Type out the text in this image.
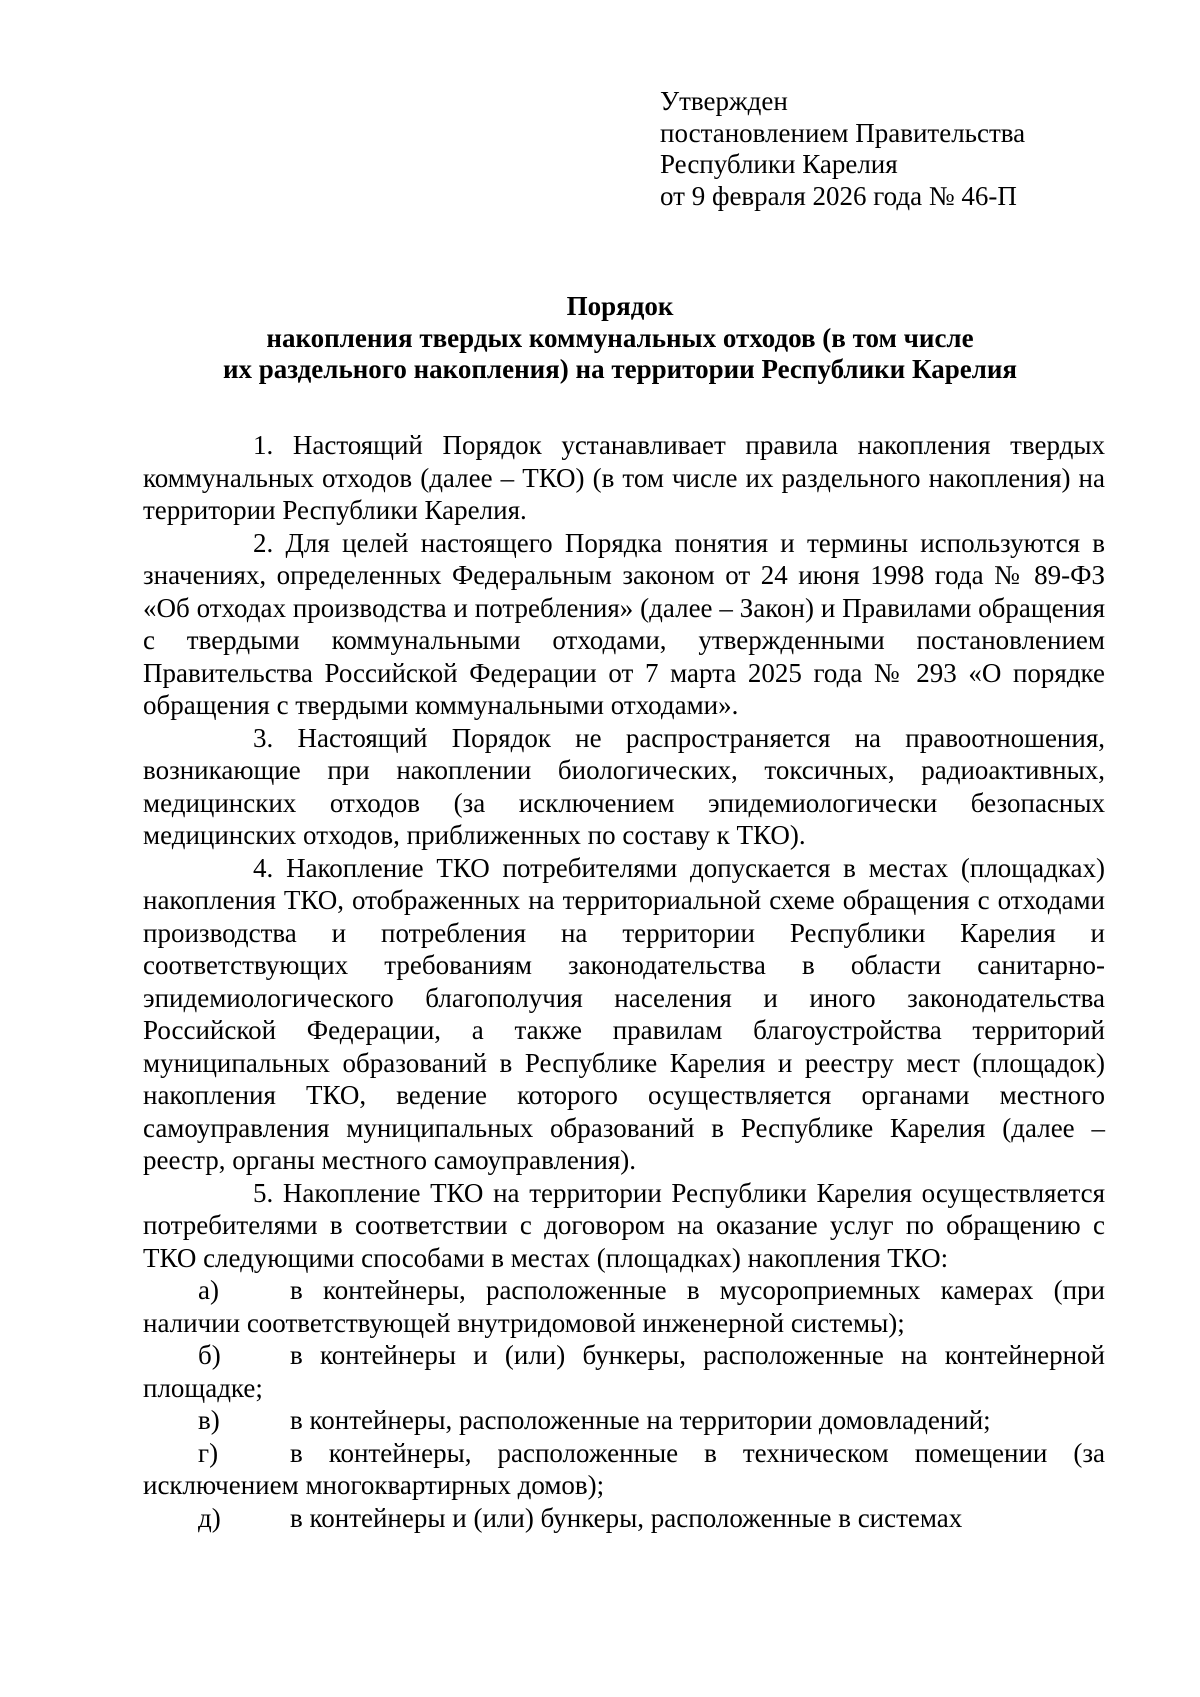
Утвержден
постановлением Правительства
Республики Карелия
от 9 февраля 2026 года № 46-П
Порядок
накопления твердых коммунальных отходов (в том числе
их раздельного накопления) на территории Республики Карелия

1. Настоящий Порядок устанавливает правила накопления твердых коммунальных отходов (далее – ТКО) (в том числе их раздельного накопления) на территории Республики Карелия.

2. Для целей настоящего Порядка понятия и термины используются в значениях, определенных Федеральным законом от 24 июня 1998 года № 89-ФЗ «Об отходах производства и потребления» (далее – Закон) и Правилами обращения с твердыми коммунальными отходами, утвержденными постановлением Правительства Российской Федерации от 7 марта 2025 года № 293 «О порядке обращения с твердыми коммунальными отходами».

3. Настоящий Порядок не распространяется на правоотношения, возникающие при накоплении биологических, токсичных, радиоактивных, медицинских отходов (за исключением эпидемиологически безопасных медицинских отходов, приближенных по составу к ТКО).

4. Накопление ТКО потребителями допускается в местах (площадках) накопления ТКО, отображенных на территориальной схеме обращения с отходами производства и потребления на территории Республики Карелия и соответствующих требованиям законодательства в области санитарно-эпидемиологического благополучия населения и иного законодательства Российской Федерации, а также правилам благоустройства территорий муниципальных образований в Республике Карелия и реестру мест (площадок) накопления ТКО, ведение которого осуществляется органами местного самоуправления муниципальных образований в Республике Карелия (далее – реестр, органы местного самоуправления).

5. Накопление ТКО на территории Республики Карелия осуществляется потребителями в соответствии с договором на оказание услуг по обращению с ТКО следующими способами в местах (площадках) накопления ТКО:

а)	в контейнеры, расположенные в мусороприемных камерах (при наличии соответствующей внутридомовой инженерной системы);

б)	в контейнеры и (или) бункеры, расположенные на контейнерной площадке;

в)	в контейнеры, расположенные на территории домовладений;

г)	в контейнеры, расположенные в техническом помещении (за исключением многоквартирных домов);

д)	в контейнеры и (или) бункеры, расположенные в системах
